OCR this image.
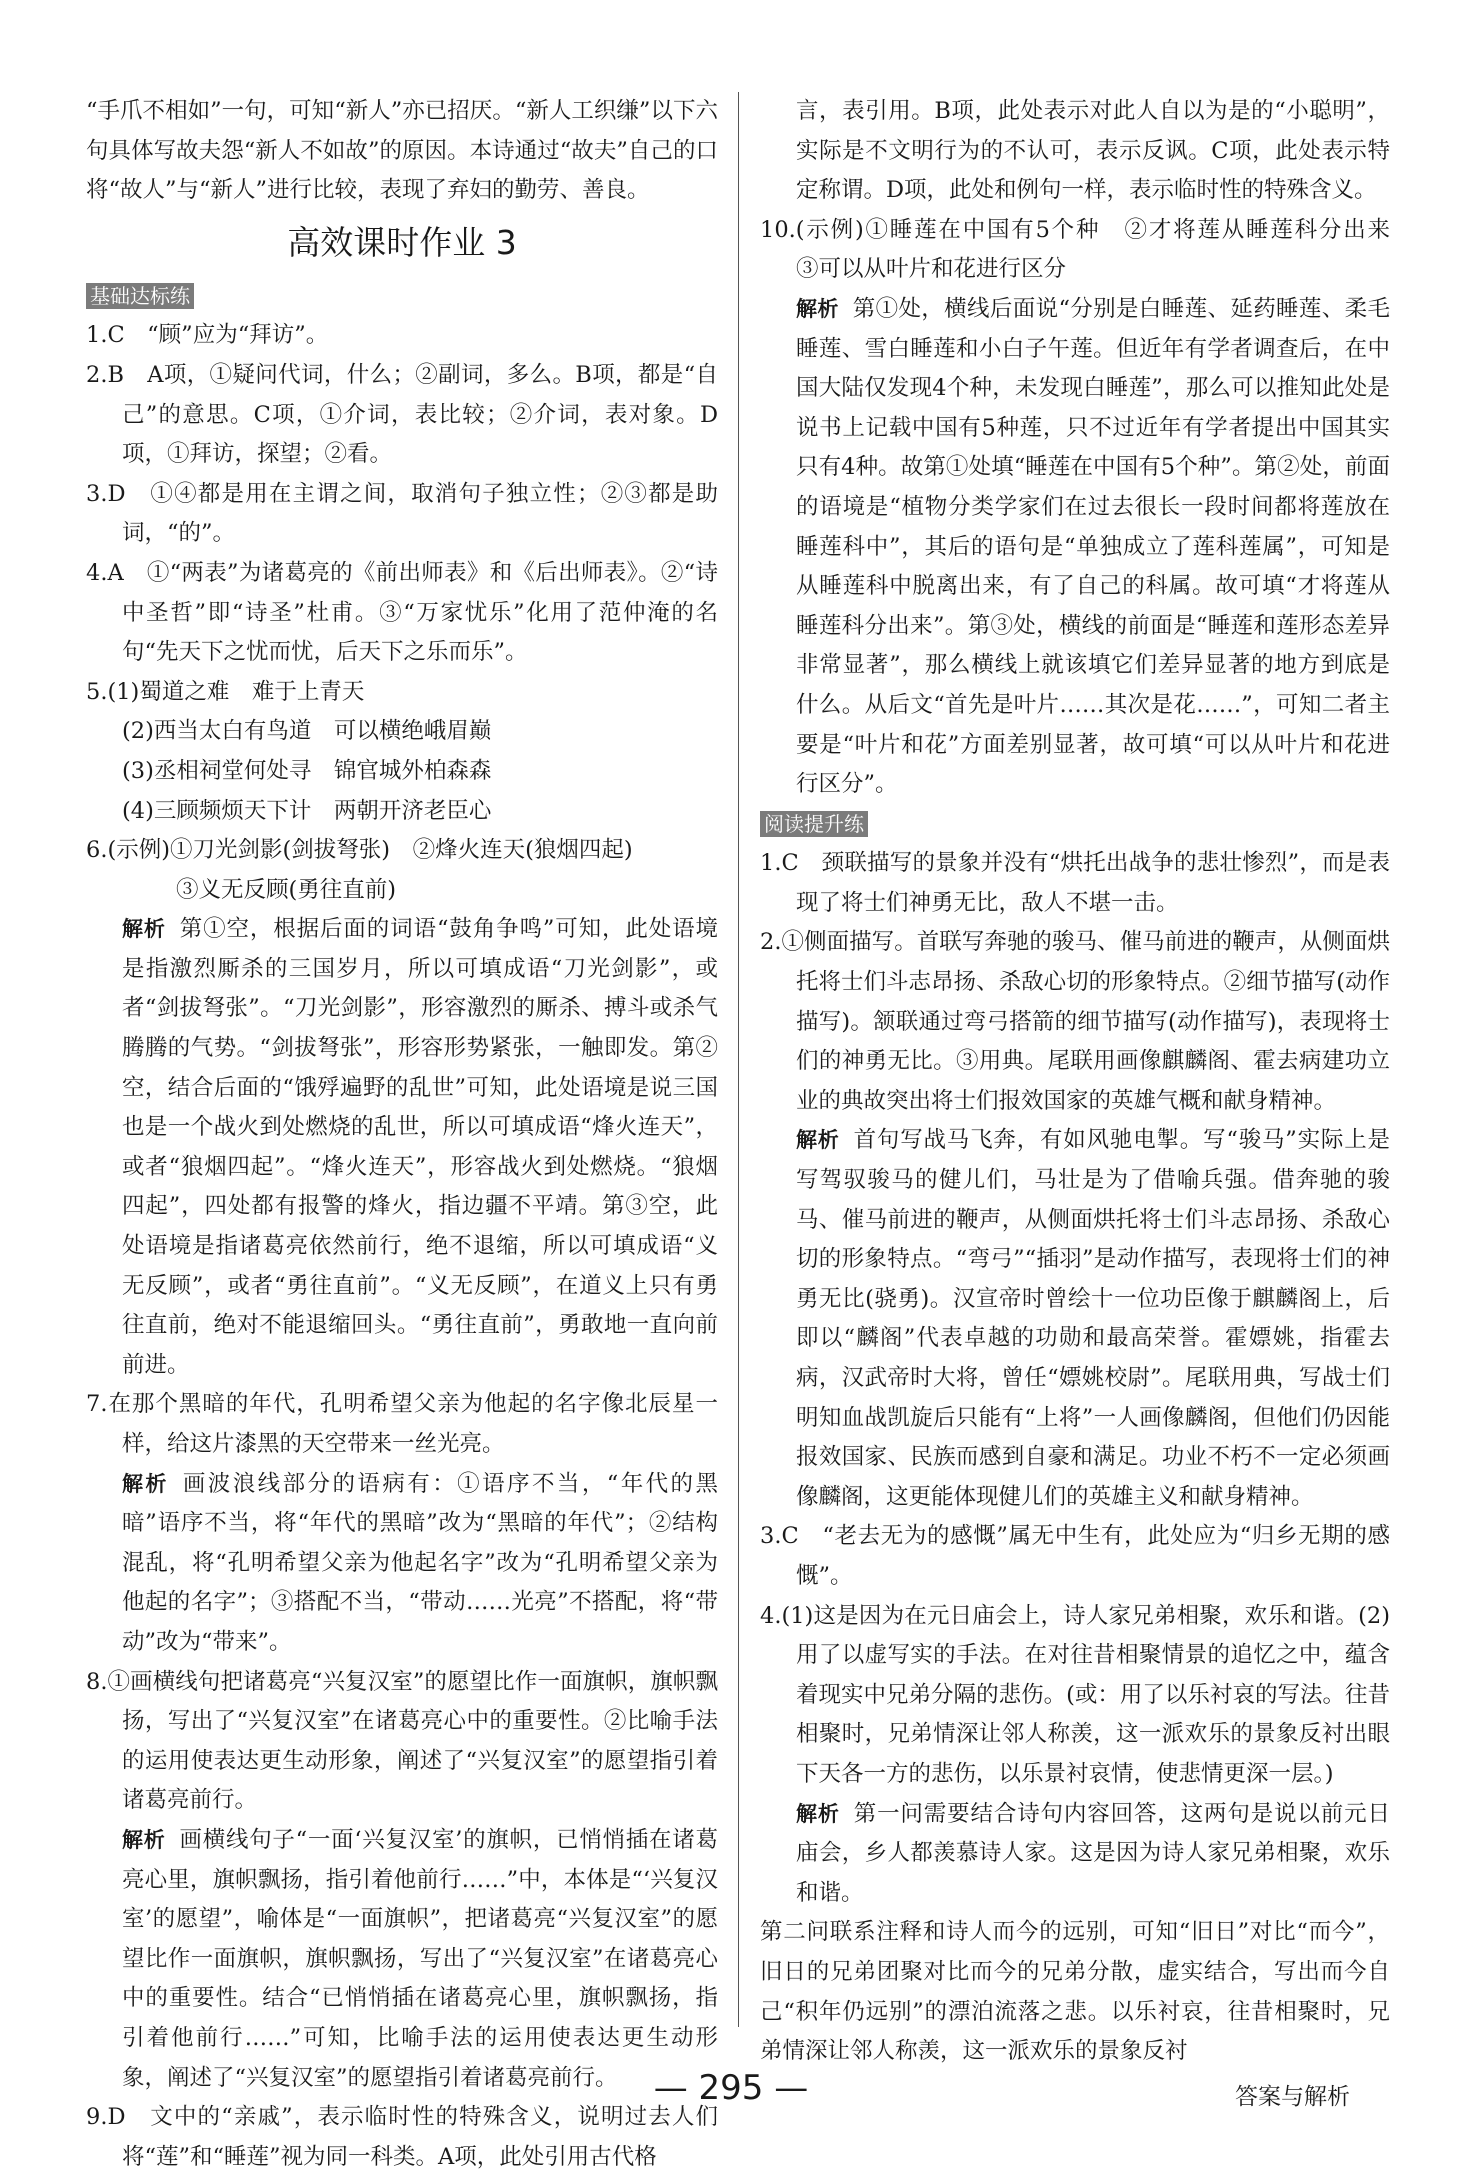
“手爪不相如”一句，可知“新人”亦已招厌。“新人工织缣”以下六句具体写故夫怨“新人不如故”的原因。本诗通过“故夫”自己的口将“故人”与“新人”进行比较，表现了弃妇的勤劳、善良。

高效课时作业 3
基础达标练

1.C　“顾”应为“拜访”。

2.B　A项，①疑问代词，什么；②副词，多么。B项，都是“自己”的意思。C项，①介词，表比较；②介词，表对象。D项，①拜访，探望；②看。

3.D　①④都是用在主谓之间，取消句子独立性；②③都是助词，“的”。

4.A　①“两表”为诸葛亮的《前出师表》和《后出师表》。②“诗中圣哲”即“诗圣”杜甫。③“万家忧乐”化用了范仲淹的名句“先天下之忧而忧，后天下之乐而乐”。

5.(1)蜀道之难　难于上青天

(2)西当太白有鸟道　可以横绝峨眉巅

(3)丞相祠堂何处寻　锦官城外柏森森

(4)三顾频烦天下计　两朝开济老臣心

6.(示例)①刀光剑影(剑拔弩张)　②烽火连天(狼烟四起)

③义无反顾(勇往直前)

解析 第①空，根据后面的词语“鼓角争鸣”可知，此处语境是指激烈厮杀的三国岁月，所以可填成语“刀光剑影”，或者“剑拔弩张”。“刀光剑影”，形容激烈的厮杀、搏斗或杀气腾腾的气势。“剑拔弩张”，形容形势紧张，一触即发。第②空，结合后面的“饿殍遍野的乱世”可知，此处语境是说三国也是一个战火到处燃烧的乱世，所以可填成语“烽火连天”，或者“狼烟四起”。“烽火连天”，形容战火到处燃烧。“狼烟四起”，四处都有报警的烽火，指边疆不平靖。第③空，此处语境是指诸葛亮依然前行，绝不退缩，所以可填成语“义无反顾”，或者“勇往直前”。“义无反顾”，在道义上只有勇往直前，绝对不能退缩回头。“勇往直前”，勇敢地一直向前前进。

7.在那个黑暗的年代，孔明希望父亲为他起的名字像北辰星一样，给这片漆黑的天空带来一丝光亮。

解析 画波浪线部分的语病有：①语序不当，“年代的黑暗”语序不当，将“年代的黑暗”改为“黑暗的年代”；②结构混乱，将“孔明希望父亲为他起名字”改为“孔明希望父亲为他起的名字”；③搭配不当，“带动……光亮”不搭配，将“带动”改为“带来”。

8.①画横线句把诸葛亮“兴复汉室”的愿望比作一面旗帜，旗帜飘扬，写出了“兴复汉室”在诸葛亮心中的重要性。②比喻手法的运用使表达更生动形象，阐述了“兴复汉室”的愿望指引着诸葛亮前行。

解析 画横线句子“一面‘兴复汉室’的旗帜，已悄悄插在诸葛亮心里，旗帜飘扬，指引着他前行……”中，本体是“‘兴复汉室’的愿望”，喻体是“一面旗帜”，把诸葛亮“兴复汉室”的愿望比作一面旗帜，旗帜飘扬，写出了“兴复汉室”在诸葛亮心中的重要性。结合“已悄悄插在诸葛亮心里，旗帜飘扬，指引着他前行……”可知，比喻手法的运用使表达更生动形象，阐述了“兴复汉室”的愿望指引着诸葛亮前行。

9.D　文中的“亲戚”，表示临时性的特殊含义，说明过去人们将“莲”和“睡莲”视为同一科类。A项，此处引用古代格

言，表引用。B项，此处表示对此人自以为是的“小聪明”，实际是不文明行为的不认可，表示反讽。C项，此处表示特定称谓。D项，此处和例句一样，表示临时性的特殊含义。

10.(示例)①睡莲在中国有5个种　②才将莲从睡莲科分出来　③可以从叶片和花进行区分

解析 第①处，横线后面说“分别是白睡莲、延药睡莲、柔毛睡莲、雪白睡莲和小白子午莲。但近年有学者调查后，在中国大陆仅发现4个种，未发现白睡莲”，那么可以推知此处是说书上记载中国有5种莲，只不过近年有学者提出中国其实只有4种。故第①处填“睡莲在中国有5个种”。第②处，前面的语境是“植物分类学家们在过去很长一段时间都将莲放在睡莲科中”，其后的语句是“单独成立了莲科莲属”，可知是从睡莲科中脱离出来，有了自己的科属。故可填“才将莲从睡莲科分出来”。第③处，横线的前面是“睡莲和莲形态差异非常显著”，那么横线上就该填它们差异显著的地方到底是什么。从后文“首先是叶片……其次是花……”，可知二者主要是“叶片和花”方面差别显著，故可填“可以从叶片和花进行区分”。

阅读提升练

1.C　颈联描写的景象并没有“烘托出战争的悲壮惨烈”，而是表现了将士们神勇无比，敌人不堪一击。

2.①侧面描写。首联写奔驰的骏马、催马前进的鞭声，从侧面烘托将士们斗志昂扬、杀敌心切的形象特点。②细节描写(动作描写)。颔联通过弯弓搭箭的细节描写(动作描写)，表现将士们的神勇无比。③用典。尾联用画像麒麟阁、霍去病建功立业的典故突出将士们报效国家的英雄气概和献身精神。

解析 首句写战马飞奔，有如风驰电掣。写“骏马”实际上是写驾驭骏马的健儿们，马壮是为了借喻兵强。借奔驰的骏马、催马前进的鞭声，从侧面烘托将士们斗志昂扬、杀敌心切的形象特点。“弯弓”“插羽”是动作描写，表现将士们的神勇无比(骁勇)。汉宣帝时曾绘十一位功臣像于麒麟阁上，后即以“麟阁”代表卓越的功勋和最高荣誉。霍嫖姚，指霍去病，汉武帝时大将，曾任“嫖姚校尉”。尾联用典，写战士们明知血战凯旋后只能有“上将”一人画像麟阁，但他们仍因能报效国家、民族而感到自豪和满足。功业不朽不一定必须画像麟阁，这更能体现健儿们的英雄主义和献身精神。

3.C　“老去无为的感慨”属无中生有，此处应为“归乡无期的感慨”。

4.(1)这是因为在元日庙会上，诗人家兄弟相聚，欢乐和谐。(2)用了以虚写实的手法。在对往昔相聚情景的追忆之中，蕴含着现实中兄弟分隔的悲伤。(或：用了以乐衬哀的写法。往昔相聚时，兄弟情深让邻人称羡，这一派欢乐的景象反衬出眼下天各一方的悲伤，以乐景衬哀情，使悲情更深一层。)

解析 第一问需要结合诗句内容回答，这两句是说以前元日庙会，乡人都羡慕诗人家。这是因为诗人家兄弟相聚，欢乐和谐。

第二问联系注释和诗人而今的远别，可知“旧日”对比“而今”，旧日的兄弟团聚对比而今的兄弟分散，虚实结合，写出而今自己“积年仍远别”的漂泊流落之悲。以乐衬哀，往昔相聚时，兄弟情深让邻人称羡，这一派欢乐的景象反衬

— 295 —	答案与解析
